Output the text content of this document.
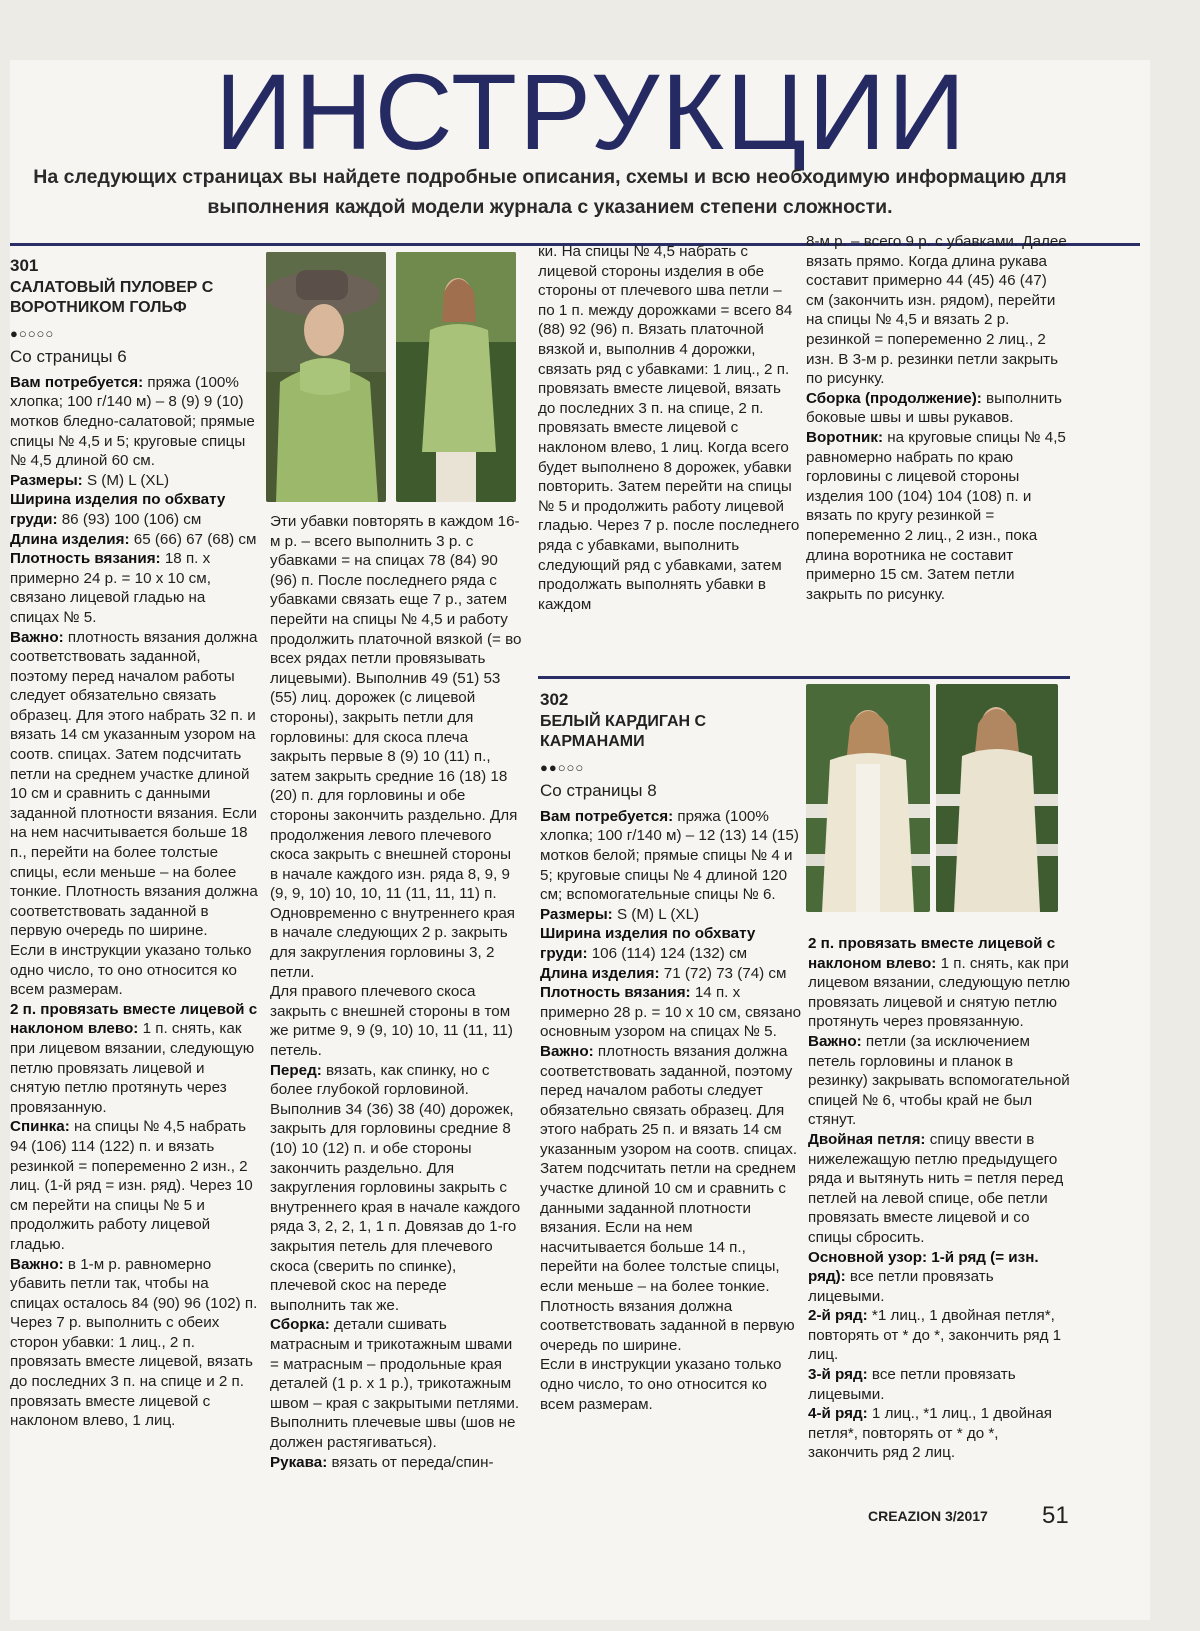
ИНСТРУКЦИИ
На следующих страницах вы найдете подробные описания, схемы и всю необходимую информацию для выполнения каждой модели журнала с указанием степени сложности.
301
САЛАТОВЫЙ ПУЛОВЕР С ВОРОТНИКОМ ГОЛЬФ
●○○○○
Со страницы 6

Вам потребуется: пряжа (100% хлопка; 100 г/140 м) – 8 (9) 9 (10) мотков бледно-салатовой; прямые спицы № 4,5 и 5; круговые спицы № 4,5 длиной 60 см.

Размеры: S (M) L (XL)

Ширина изделия по обхвату груди: 86 (93) 100 (106) см

Длина изделия: 65 (66) 67 (68) см

Плотность вязания: 18 п. х примерно 24 р. = 10 х 10 см, связано лицевой гладью на спицах № 5.

Важно: плотность вязания должна соответствовать заданной, поэтому перед началом работы следует обязательно связать образец. Для этого набрать 32 п. и вязать 14 см указанным узором на соотв. спицах. Затем подсчитать петли на среднем участке длиной 10 см и сравнить с данными заданной плотности вязания. Если на нем насчитывается больше 18 п., перейти на более толстые спицы, если меньше – на более тонкие. Плотность вязания должна соответствовать заданной в первую очередь по ширине.

Если в инструкции указано только одно число, то оно относится ко всем размерам.

2 п. провязать вместе лицевой с наклоном влево: 1 п. снять, как при лицевом вязании, следующую петлю провязать лицевой и снятую петлю протянуть через провязанную.

Спинка: на спицы № 4,5 набрать 94 (106) 114 (122) п. и вязать резинкой = попеременно 2 изн., 2 лиц. (1-й ряд = изн. ряд). Через 10 см перейти на спицы № 5 и продолжить работу лицевой гладью.

Важно: в 1-м р. равномерно убавить петли так, чтобы на спицах осталось 84 (90) 96 (102) п. Через 7 р. выполнить с обеих сторон убавки: 1 лиц., 2 п. провязать вместе лицевой, вязать до последних 3 п. на спице и 2 п. провязать вместе лицевой с наклоном влево, 1 лиц.

Эти убавки повторять в каждом 16-м р. – всего выполнить 3 р. с убавками = на спицах 78 (84) 90 (96) п. После последнего ряда с убавками связать еще 7 р., затем перейти на спицы № 4,5 и работу продолжить платочной вязкой (= во всех рядах петли провязывать лицевыми). Выполнив 49 (51) 53 (55) лиц. дорожек (с лицевой стороны), закрыть петли для горловины: для скоса плеча закрыть первые 8 (9) 10 (11) п., затем закрыть средние 16 (18) 18 (20) п. для горловины и обе стороны закончить раздельно. Для продолжения левого плечевого скоса закрыть с внешней стороны в начале каждого изн. ряда 8, 9, 9 (9, 9, 10) 10, 10, 11 (11, 11, 11) п. Одновременно с внутреннего края в начале следующих 2 р. закрыть для закругления горловины 3, 2 петли.

Для правого плечевого скоса закрыть с внешней стороны в том же ритме 9, 9 (9, 10) 10, 11 (11, 11) петель.

Перед: вязать, как спинку, но с более глубокой горловиной. Выполнив 34 (36) 38 (40) дорожек, закрыть для горловины средние 8 (10) 10 (12) п. и обе стороны закончить раздельно. Для закругления горловины закрыть с внутреннего края в начале каждого ряда 3, 2, 2, 1, 1 п. Довязав до 1-го закрытия петель для плечевого скоса (сверить по спинке), плечевой скос на переде выполнить так же.

Сборка: детали сшивать матрасным и трикотажным швами = матрасным – продольные края деталей (1 р. х 1 р.), трикотажным швом – края с закрытыми петлями. Выполнить плечевые швы (шов не должен растягиваться).

Рукава: вязать от переда/спин-

ки. На спицы № 4,5 набрать с лицевой стороны изделия в обе стороны от плечевого шва петли – по 1 п. между дорожками = всего 84 (88) 92 (96) п. Вязать платочной вязкой и, выполнив 4 дорожки, связать ряд с убавками: 1 лиц., 2 п. провязать вместе лицевой, вязать до последних 3 п. на спице, 2 п. провязать вместе лицевой с наклоном влево, 1 лиц. Когда всего будет выполнено 8 дорожек, убавки повторить. Затем перейти на спицы № 5 и продолжить работу лицевой гладью. Через 7 р. после последнего ряда с убавками, выполнить следующий ряд с убавками, затем продолжать выполнять убавки в каждом

8-м р. – всего 9 р. с убавками. Далее вязать прямо. Когда длина рукава составит примерно 44 (45) 46 (47) см (закончить изн. рядом), перейти на спицы № 4,5 и вязать 2 р. резинкой = попеременно 2 лиц., 2 изн. В 3-м р. резинки петли закрыть по рисунку.

Сборка (продолжение): выполнить боковые швы и швы рукавов.

Воротник: на круговые спицы № 4,5 равномерно набрать по краю горловины с лицевой стороны изделия 100 (104) 104 (108) п. и вязать по кругу резинкой = попеременно 2 лиц., 2 изн., пока длина воротника не составит примерно 15 см. Затем петли закрыть по рисунку.

302
БЕЛЫЙ КАРДИГАН С КАРМАНАМИ
●●○○○
Со страницы 8

Вам потребуется: пряжа (100% хлопка; 100 г/140 м) – 12 (13) 14 (15) мотков белой; прямые спицы № 4 и 5; круговые спицы № 4 длиной 120 см; вспомогательные спицы № 6.

Размеры: S (M) L (XL)

Ширина изделия по обхвату груди: 106 (114) 124 (132) см

Длина изделия: 71 (72) 73 (74) см

Плотность вязания: 14 п. х примерно 28 р. = 10 х 10 см, связано основным узором на спицах № 5.

Важно: плотность вязания должна соответствовать заданной, поэтому перед началом работы следует обязательно связать образец. Для этого набрать 25 п. и вязать 14 см указанным узором на соотв. спицах. Затем подсчитать петли на среднем участке длиной 10 см и сравнить с данными заданной плотности вязания. Если на нем насчитывается больше 14 п., перейти на более толстые спицы, если меньше – на более тонкие. Плотность вязания должна соответствовать заданной в первую очередь по ширине.

Если в инструкции указано только одно число, то оно относится ко всем размерам.

2 п. провязать вместе лицевой с наклоном влево: 1 п. снять, как при лицевом вязании, следующую петлю провязать лицевой и снятую петлю протянуть через провязанную.

Важно: петли (за исключением петель горловины и планок в резинку) закрывать вспомогательной спицей № 6, чтобы край не был стянут.

Двойная петля: спицу ввести в нижележащую петлю предыдущего ряда и вытянуть нить = петля перед петлей на левой спице, обе петли провязать вместе лицевой и со спицы сбросить.

Основной узор: 1-й ряд (= изн. ряд): все петли провязать лицевыми.

2-й ряд: *1 лиц., 1 двойная петля*, повторять от * до *, закончить ряд 1 лиц.

3-й ряд: все петли провязать лицевыми.

4-й ряд: 1 лиц., *1 лиц., 1 двойная петля*, повторять от * до *, закончить ряд 2 лиц.

CREAZION 3/2017 51
